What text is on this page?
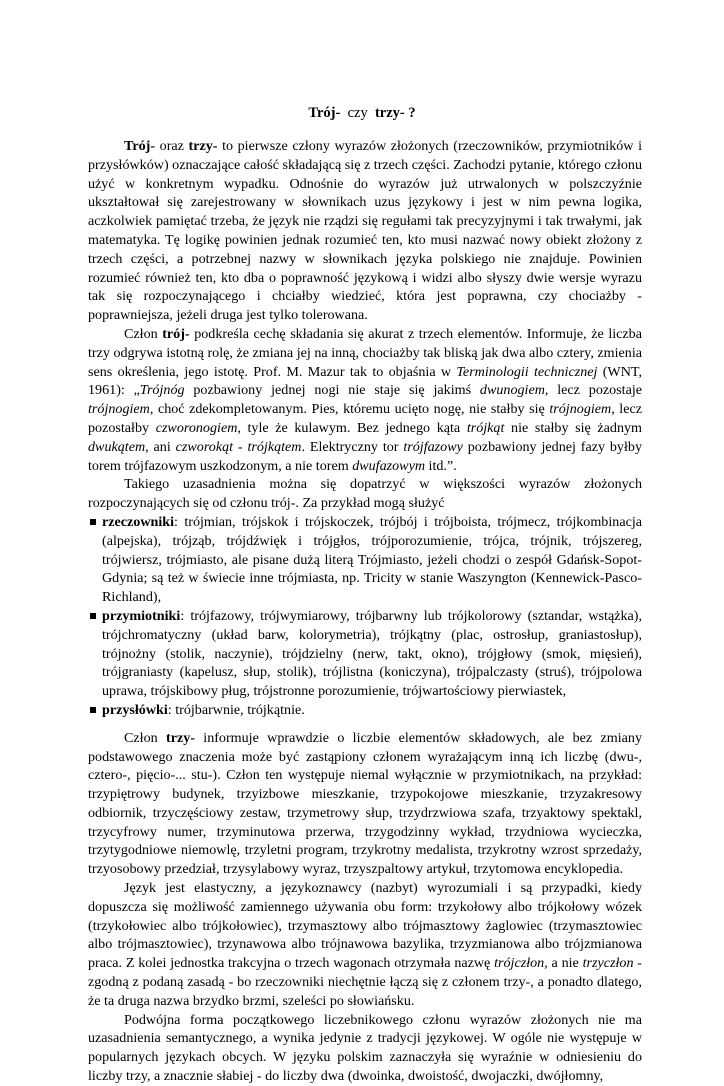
Trój-  czy  trzy- ?

Trój- oraz trzy- to pierwsze człony wyrazów złożonych (rzeczowników, przymiotników i przysłówków) oznaczające całość składającą się z trzech części. Zachodzi pytanie, którego członu użyć w konkretnym wypadku. Odnośnie do wyrazów już utrwalonych w polszczyźnie ukształtował się zarejestrowany w słownikach uzus językowy i jest w nim pewna logika, aczkolwiek pamiętać trzeba, że język nie rządzi się regułami tak precyzyjnymi i tak trwałymi, jak matematyka. Tę logikę powinien jednak rozumieć ten, kto musi nazwać nowy obiekt złożony z trzech części, a potrzebnej nazwy w słownikach języka polskiego nie znajduje. Powinien rozumieć również ten, kto dba o poprawność językową i widzi albo słyszy dwie wersje wyrazu tak się rozpoczynającego i chciałby wiedzieć, która jest poprawna, czy chociażby - poprawniejsza, jeżeli druga jest tylko tolerowana.

Człon trój- podkreśla cechę składania się akurat z trzech elementów. Informuje, że liczba trzy odgrywa istotną rolę, że zmiana jej na inną, chociażby tak bliską jak dwa albo cztery, zmienia sens określenia, jego istotę. Prof. M. Mazur tak to objaśnia w Terminologii technicznej (WNT, 1961): „Trójnóg pozbawiony jednej nogi nie staje się jakimś dwunogiem, lecz pozostaje trójnogiem, choć zdekompletowanym. Pies, któremu ucięto nogę, nie stałby się trójnogiem, lecz pozostałby czworonogiem, tyle że kulawym. Bez jednego kąta trójkąt nie stałby się żadnym dwukątem, ani czworokąt - trójkątem. Elektryczny tor trójfazowy pozbawiony jednej fazy byłby torem trójfazowym uszkodzonym, a nie torem dwufazowym itd.”.

Takiego uzasadnienia można się dopatrzyć w większości wyrazów złożonych rozpoczynających się od członu trój-. Za przykład mogą służyć

rzeczowniki: trójmian, trójskok i trójskoczek, trójbój i trójboista, trójmecz, trójkombinacja (alpejska), trójząb, trójdźwięk i trójgłos, trójporozumienie, trójca, trójnik, trójszereg, trójwiersz, trójmiasto, ale pisane dużą literą Trójmiasto, jeżeli chodzi o zespół Gdańsk-Sopot-Gdynia; są też w świecie inne trójmiasta, np. Tricity w stanie Waszyngton (Kennewick-Pasco-Richland),
przymiotniki: trójfazowy, trójwymiarowy, trójbarwny lub trójkolorowy (sztandar, wstążka), trójchromatyczny (układ barw, kolorymetria), trójkątny (plac, ostrosłup, graniastosłup), trójnożny (stolik, naczynie), trójdzielny (nerw, takt, okno), trójgłowy (smok, mięsień), trójgraniasty (kapelusz, słup, stolik), trójlistna (koniczyna), trójpalczasty (struś), trójpolowa uprawa, trójskibowy pług, trójstronne porozumienie, trójwartościowy pierwiastek,
przysłówki: trójbarwnie, trójkątnie.

Człon trzy- informuje wprawdzie o liczbie elementów składowych, ale bez zmiany podstawowego znaczenia może być zastąpiony członem wyrażającym inną ich liczbę (dwu-, cztero-, pięcio-... stu-). Człon ten występuje niemal wyłącznie w przymiotnikach, na przykład: trzypiętrowy budynek, trzyizbowe mieszkanie, trzypokojowe mieszkanie, trzyzakresowy odbiornik, trzyczęściowy zestaw, trzymetrowy słup, trzydrzwiowa szafa, trzyaktowy spektakl, trzycyfrowy numer, trzyminutowa przerwa, trzygodzinny wykład, trzydniowa wycieczka, trzytygodniowe niemowlę, trzyletni program, trzykrotny medalista, trzykrotny wzrost sprzedaży, trzyosobowy przedział, trzysylabowy wyraz, trzyszpaltowy artykuł, trzytomowa encyklopedia.

Język jest elastyczny, a językoznawcy (nazbyt) wyrozumiali i są przypadki, kiedy dopuszcza się możliwość zamiennego używania obu form: trzykołowy albo trójkołowy wózek (trzykołowiec albo trójkołowiec), trzymasztowy albo trójmasztowy żaglowiec (trzymasztowiec albo trójmasztowiec), trzynawowa albo trójnawowa bazylika, trzyzmianowa albo trójzmianowa praca. Z kolei jednostka trakcyjna o trzech wagonach otrzymała nazwę trójczłon, a nie trzyczłon - zgodną z podaną zasadą - bo rzeczowniki niechętnie łączą się z członem trzy-, a ponadto dlatego, że ta druga nazwa brzydko brzmi, szeleści po słowiańsku.

Podwójna forma początkowego liczebnikowego członu wyrazów złożonych nie ma uzasadnienia semantycznego, a wynika jedynie z tradycji językowej. W ogóle nie występuje w popularnych językach obcych. W języku polskim zaznaczyła się wyraźnie w odniesieniu do liczby trzy, a znacznie słabiej - do liczby dwa (dwoinka, dwoistość, dwojaczki, dwójłomny,
